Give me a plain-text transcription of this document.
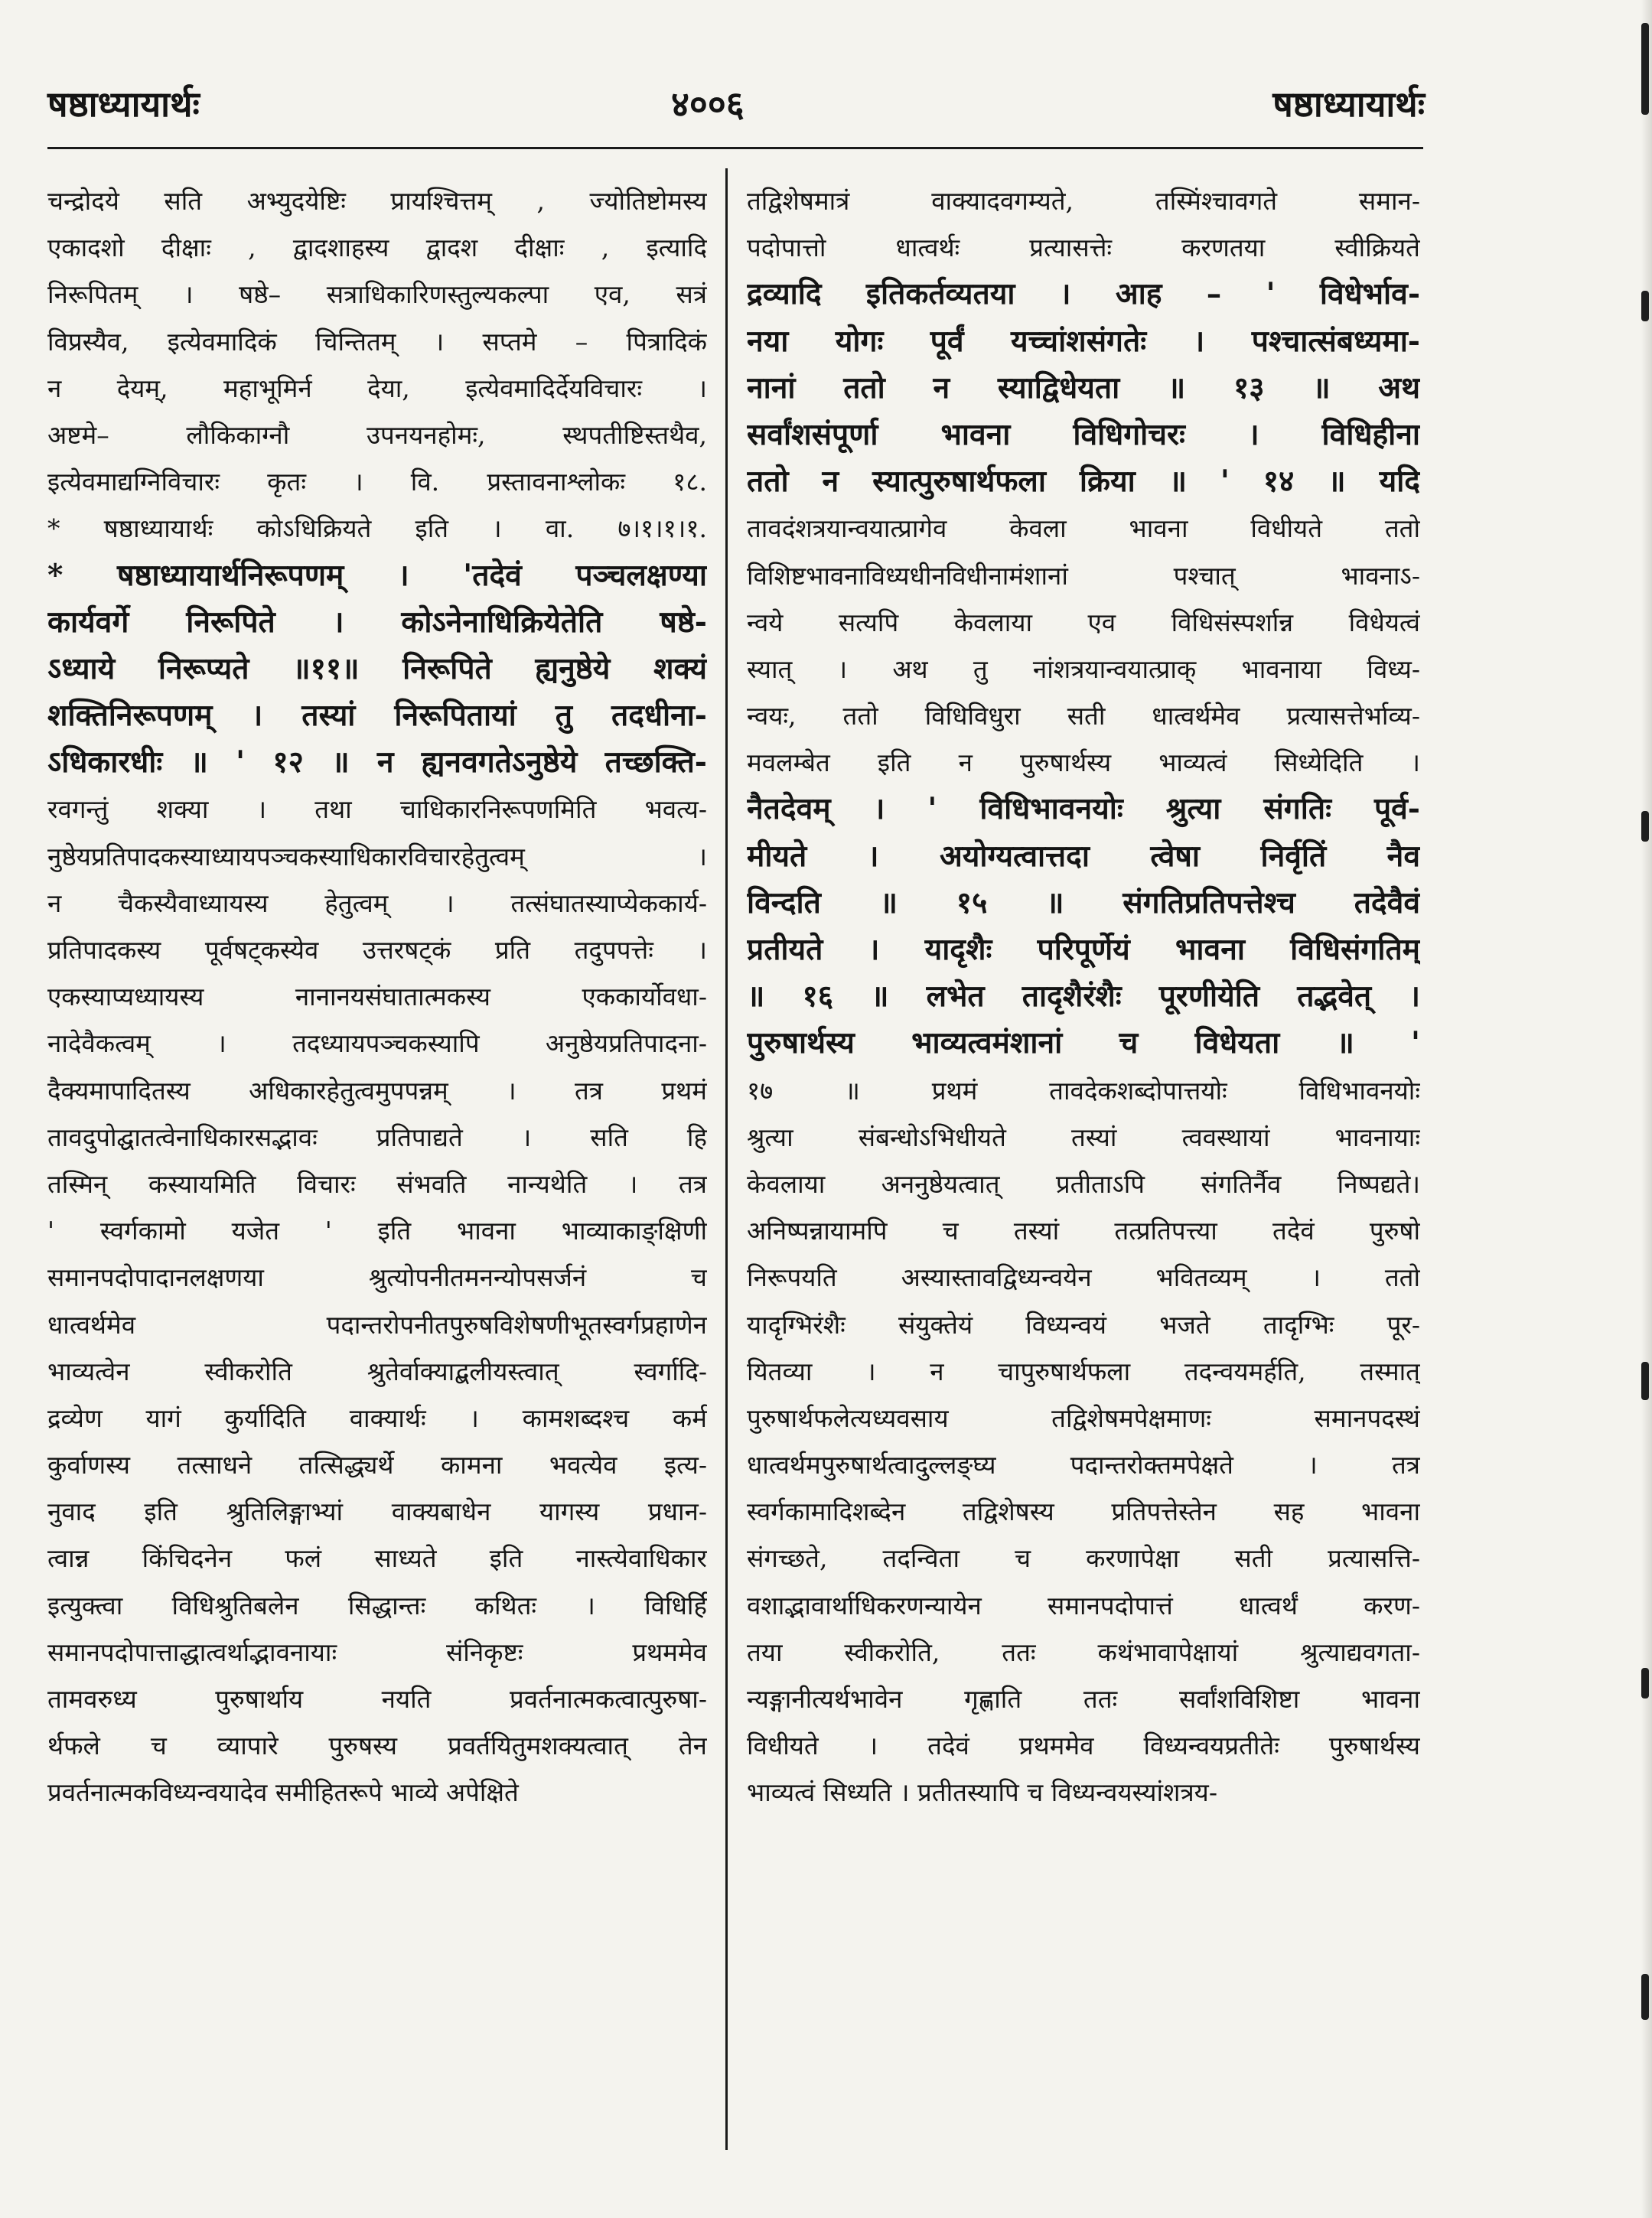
षष्ठाध्यायार्थः	४००६	षष्ठाध्यायार्थः
चन्द्रोदये सति अभ्युदयेष्टिः प्रायश्चित्तम् , ज्योतिष्टोमस्य
एकादशो दीक्षाः , द्वादशाहस्य द्वादश दीक्षाः , इत्यादि
निरूपितम् । षष्ठे– सत्राधिकारिणस्तुल्यकल्पा एव, सत्रं
विप्रस्यैव, इत्येवमादिकं चिन्तितम् । सप्तमे – पित्रादिकं
न देयम्, महाभूमिर्न देया, इत्येवमादिर्देयविचारः ।
अष्टमे– लौकिकाग्नौ उपनयनहोमः, स्थपतीष्टिस्तथैव,
इत्येवमाद्यग्निविचारः कृतः । वि. प्रस्तावनाश्लोकः १८.
* षष्ठाध्यायार्थः कोऽधिक्रियते इति । वा. ७।१।१।१.
* षष्ठाध्यायार्थनिरूपणम् । 'तदेवं पञ्चलक्षण्या
कार्यवर्गे निरूपिते । कोऽनेनाधिक्रियेतेति षष्ठे-
ऽध्याये निरूप्यते ॥११॥ निरूपिते ह्यनुष्ठेये शक्यं
शक्तिनिरूपणम् । तस्यां निरूपितायां तु तदधीना-
ऽधिकारधीः ॥ ' १२ ॥ न ह्यनवगतेऽनुष्ठेये तच्छक्ति-
रवगन्तुं शक्या । तथा चाधिकारनिरूपणमिति भवत्य-
नुष्ठेयप्रतिपादकस्याध्यायपञ्चकस्याधिकारविचारहेतुत्वम् ।
न चैकस्यैवाध्यायस्य हेतुत्वम् । तत्संघातस्याप्येककार्य-
प्रतिपादकस्य पूर्वषट्कस्येव उत्तरषट्कं प्रति तदुपपत्तेः ।
एकस्याप्यध्यायस्य नानानयसंघातात्मकस्य एककार्योवधा-
नादेवैकत्वम् । तदध्यायपञ्चकस्यापि अनुष्ठेयप्रतिपादना-
दैक्यमापादितस्य अधिकारहेतुत्वमुपपन्नम् । तत्र प्रथमं
तावदुपोद्घातत्वेनाधिकारसद्भावः प्रतिपाद्यते । सति हि
तस्मिन् कस्यायमिति विचारः संभवति नान्यथेति । तत्र
' स्वर्गकामो यजेत ' इति भावना भाव्याकाङ्क्षिणी
समानपदोपादानलक्षणया श्रुत्योपनीतमनन्योपसर्जनं च
धात्वर्थमेव पदान्तरोपनीतपुरुषविशेषणीभूतस्वर्गप्रहाणेन
भाव्यत्वेन स्वीकरोति श्रुतेर्वाक्याद्बलीयस्त्वात् स्वर्गादि-
द्रव्येण यागं कुर्यादिति वाक्यार्थः । कामशब्दश्च कर्म
कुर्वाणस्य तत्साधने तत्सिद्ध्यर्थे कामना भवत्येव इत्य-
नुवाद इति श्रुतिलिङ्गाभ्यां वाक्यबाधेन यागस्य प्रधान-
त्वान्न किंचिदनेन फलं साध्यते इति नास्त्येवाधिकार
इत्युक्त्वा विधिश्रुतिबलेन सिद्धान्तः कथितः । विधिर्हि
समानपदोपात्ताद्धात्वर्थाद्भावनायाः संनिकृष्टः प्रथममेव
तामवरुध्य पुरुषार्थाय नयति प्रवर्तनात्मकत्वात्पुरुषा-
र्थफले च व्यापारे पुरुषस्य प्रवर्तयितुमशक्यत्वात् तेन
प्रवर्तनात्मकविध्यन्वयादेव समीहितरूपे भाव्ये अपेक्षिते
तद्विशेषमात्रं वाक्यादवगम्यते, तस्मिंश्चावगते समान-
पदोपात्तो धात्वर्थः प्रत्यासत्तेः करणतया स्वीक्रियते
द्रव्यादि इतिकर्तव्यतया । आह – ' विधेर्भाव-
नया योगः पूर्वं यच्चांशसंगतेः । पश्चात्संबध्यमा-
नानां ततो न स्याद्विधेयता ॥ १३ ॥ अथ
सर्वांशसंपूर्णा भावना विधिगोचरः । विधिहीना
ततो न स्यात्पुरुषार्थफला क्रिया ॥ ' १४ ॥ यदि
तावदंशत्रयान्वयात्प्रागेव केवला भावना विधीयते ततो
विशिष्टभावनाविध्यधीनविधीनामंशानां पश्चात् भावनाऽ-
न्वये सत्यपि केवलाया एव विधिसंस्पर्शान्न विधेयत्वं
स्यात् । अथ तु नांशत्रयान्वयात्प्राक् भावनाया विध्य-
न्वयः, ततो विधिविधुरा सती धात्वर्थमेव प्रत्यासत्तेर्भाव्य-
मवलम्बेत इति न पुरुषार्थस्य भाव्यत्वं सिध्येदिति ।
नैतदेवम् । ' विधिभावनयोः श्रुत्या संगतिः पूर्व-
मीयते । अयोग्यत्वात्तदा त्वेषा निर्वृतिं नैव
विन्दति ॥ १५ ॥ संगतिप्रतिपत्तेश्च तदेवैवं
प्रतीयते । यादृशैः परिपूर्णेयं भावना विधिसंगतिम्
॥ १६ ॥ लभेत तादृशैरंशैः पूरणीयेति तद्भवेत् ।
पुरुषार्थस्य भाव्यत्वमंशानां च विधेयता ॥ '
१७ ॥ प्रथमं तावदेकशब्दोपात्तयोः विधिभावनयोः
श्रुत्या संबन्धोऽभिधीयते तस्यां त्ववस्थायां भावनायाः
केवलाया अननुष्ठेयत्वात् प्रतीताऽपि संगतिर्नैव निष्पद्यते।
अनिष्पन्नायामपि च तस्यां तत्प्रतिपत्त्या तदेवं पुरुषो
निरूपयति अस्यास्तावद्विध्यन्वयेन भवितव्यम् । ततो
यादृग्भिरंशैः संयुक्तेयं विध्यन्वयं भजते तादृग्भिः पूर-
यितव्या । न चापुरुषार्थफला तदन्वयमर्हति, तस्मात्
पुरुषार्थफलेत्यध्यवसाय तद्विशेषमपेक्षमाणः समानपदस्थं
धात्वर्थमपुरुषार्थत्वादुल्लङ्घ्य पदान्तरोक्तमपेक्षते । तत्र
स्वर्गकामादिशब्देन तद्विशेषस्य प्रतिपत्तेस्तेन सह भावना
संगच्छते, तदन्विता च करणापेक्षा सती प्रत्यासत्ति-
वशाद्भावार्थाधिकरणन्यायेन समानपदोपात्तं धात्वर्थं करण-
तया स्वीकरोति, ततः कथंभावापेक्षायां श्रुत्याद्यवगता-
न्यङ्गानीत्यर्थभावेन गृह्णाति ततः सर्वांशविशिष्टा भावना
विधीयते । तदेवं प्रथममेव विध्यन्वयप्रतीतेः पुरुषार्थस्य
भाव्यत्वं सिध्यति । प्रतीतस्यापि च विध्यन्वयस्यांशत्रय-
